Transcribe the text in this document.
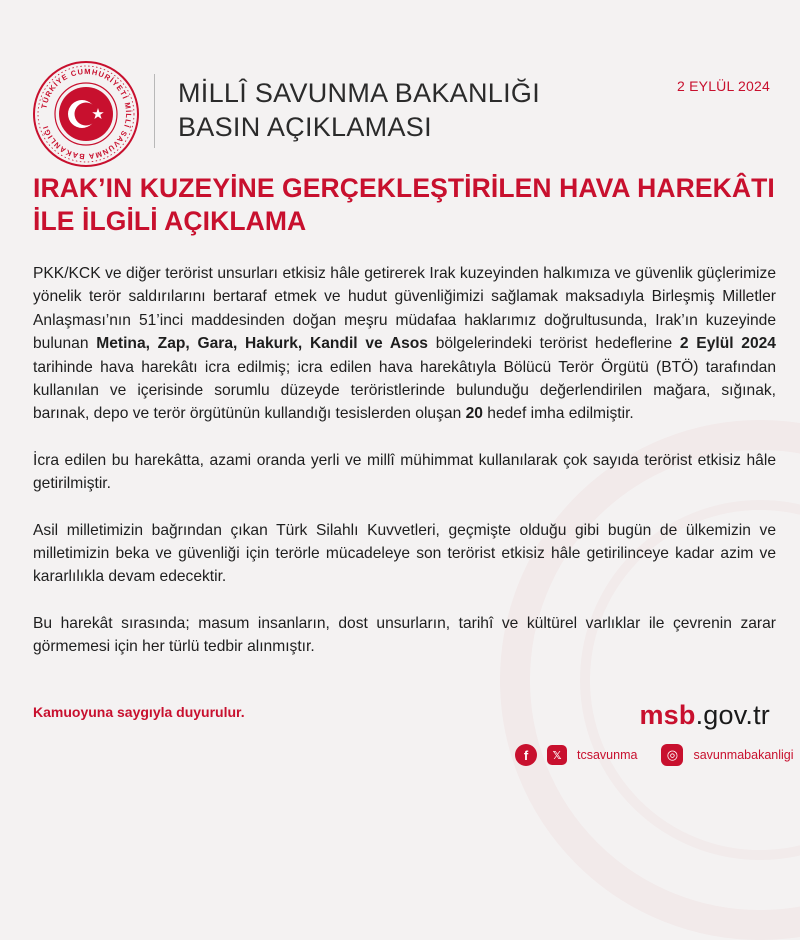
TÜRKİYE CUMHURİYETİ MİLLÎ SAVUNMA BAKANLIĞI
MİLLÎ SAVUNMA BAKANLIĞI
BASIN AÇIKLAMASI
2 EYLÜL 2024
IRAK’IN KUZEYİNE GERÇEKLEŞTİRİLEN HAVA HAREKÂTI
İLE İLGİLİ AÇIKLAMA

PKK/KCK ve diğer terörist unsurları etkisiz hâle getirerek Irak kuzeyinden halkımıza ve güvenlik güçlerimize yönelik terör saldırılarını bertaraf etmek ve hudut güvenliğimizi sağlamak maksadıyla Birleşmiş Milletler Anlaşması’nın 51’inci maddesinden doğan meşru müdafaa haklarımız doğrultusunda, Irak’ın kuzeyinde bulunan Metina, Zap, Gara, Hakurk, Kandil ve Asos bölgelerindeki terörist hedeflerine 2 Eylül 2024 tarihinde hava harekâtı icra edilmiş; icra edilen hava harekâtıyla Bölücü Terör Örgütü (BTÖ) tarafından kullanılan ve içerisinde sorumlu düzeyde teröristlerinde bulunduğu değerlendirilen mağara, sığınak, barınak, depo ve terör örgütünün kullandığı tesislerden oluşan 20 hedef imha edilmiştir.

İcra edilen bu harekâtta, azami oranda yerli ve millî mühimmat kullanılarak çok sayıda terörist etkisiz hâle getirilmiştir.

Asil milletimizin bağrından çıkan Türk Silahlı Kuvvetleri, geçmişte olduğu gibi bugün de ülkemizin ve milletimizin beka ve güvenliği için terörle mücadeleye son terörist etkisiz hâle getirilinceye kadar azim ve kararlılıkla devam edecektir.

Bu harekât sırasında; masum insanların, dost unsurların, tarihî ve kültürel varlıklar ile çevrenin zarar görmemesi için her türlü tedbir alınmıştır.

Kamuoyuna saygıyla duyurulur.	msb.gov.tr
f	𝕏	tcsavunma	◎	savunmabakanligi
